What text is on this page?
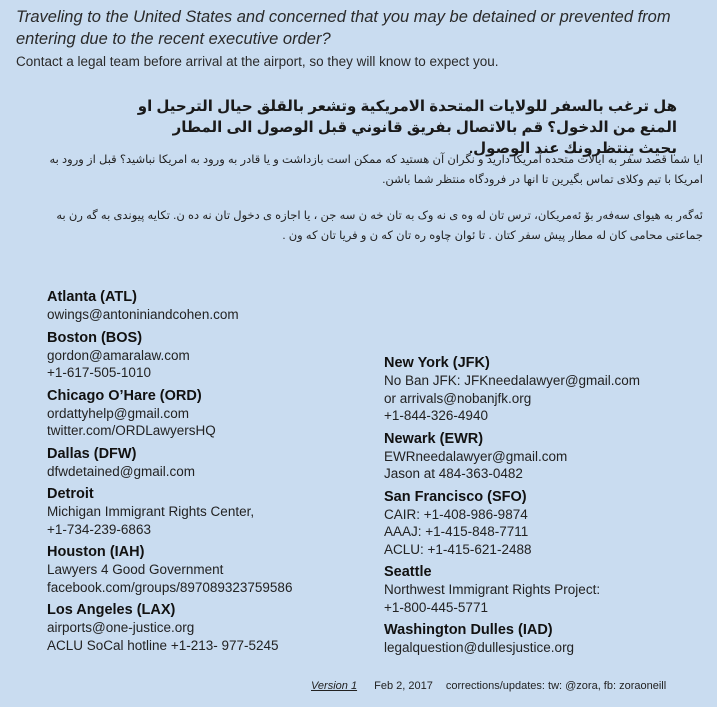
Traveling to the United States and concerned that you may be detained or prevented from entering due to the recent executive order?
Contact a legal team before arrival at the airport, so they will know to expect you.
هل ترغب بالسفر للولايات المتحدة الامريكية وتشعر بالقلق حيال الترحيل او المنع من الدخول؟ قم بالاتصال بفريق قانوني قبل الوصول الى المطار بحيث ينتظرونك عند الوصول.
ایا شما قصد سفر به ایالات متحده آمریکا دارید و نگران آن هستید که ممکن است بازداشت و یا قادر به ورود به امریکا نباشید؟ قبل از ورود به امریکا با تیم وکلای تماس بگیرین تا انها در فرودگاه منتظر شما باشن.
ئەگەر بە هیوای سەفەر بۆ ئەمریکان، ترس تان لە وە ی نە وک بە تان خە ن سە جن ، یا اجازه ی دخول تان نە دە ن. تکایە پیوندی بە گە رن بە جماعتی محامی کان لە مطار پیش سفر کتان . تا ئوان چاوە رە تان کە ن و فریا تان کە ون .
Atlanta (ATL)
owings@antoniniandcohen.com
Boston (BOS)
gordon@amaralaw.com
+1-617-505-1010
Chicago O’Hare (ORD)
ordattyhelp@gmail.com
twitter.com/ORDLawyersHQ
Dallas (DFW)
dfwdetained@gmail.com
Detroit
Michigan Immigrant Rights Center,
+1-734-239-6863
Houston (IAH)
Lawyers 4 Good Government
facebook.com/groups/897089323759586
Los Angeles (LAX)
airports@one-justice.org
ACLU SoCal hotline +1-213- 977-5245
New York (JFK)
No Ban JFK: JFKneedalawyer@gmail.com
or arrivals@nobanjfk.org
+1-844-326-4940
Newark (EWR)
EWRneedalawyer@gmail.com
Jason at 484-363-0482
San Francisco (SFO)
CAIR: +1-408-986-9874
AAAJ: +1-415-848-7711
ACLU: +1-415-621-2488
Seattle
Northwest Immigrant Rights Project:
+1-800-445-5771
Washington Dulles (IAD)
legalquestion@dullesjustice.org
Version 1 Feb 2, 2017 corrections/updates: tw: @zora, fb: zoraoneill
